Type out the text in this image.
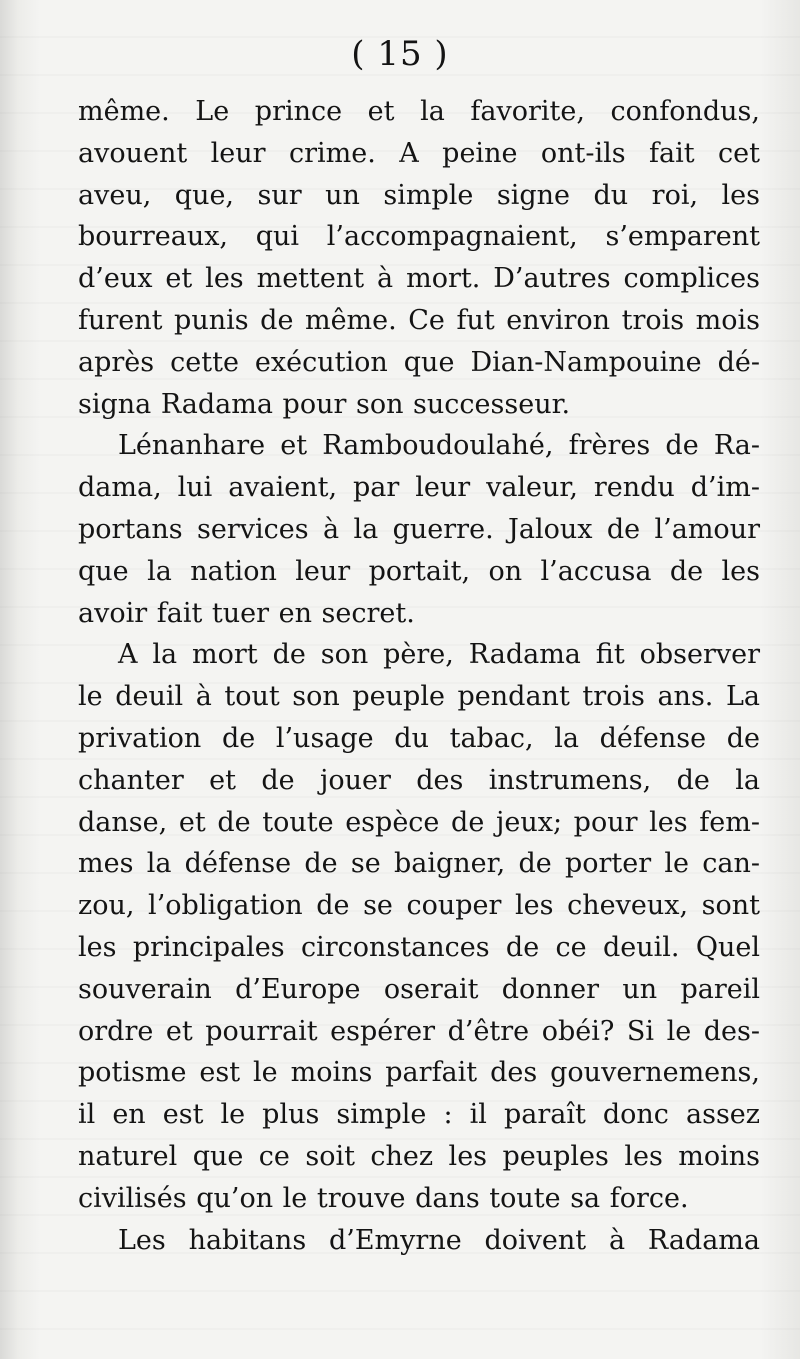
( 15 )

même. Le prince et la favorite, confondus,
avouent leur crime. A peine ont-ils fait cet
aveu, que, sur un simple signe du roi, les
bourreaux, qui l’accompagnaient, s’emparent
d’eux et les mettent à mort. D’autres complices
furent punis de même. Ce fut environ trois mois
après cette exécution que Dian-Nampouine dé-
signa Radama pour son successeur.

Lénanhare et Ramboudoulahé, frères de Ra-
dama, lui avaient, par leur valeur, rendu d’im-
portans services à la guerre. Jaloux de l’amour
que la nation leur portait, on l’accusa de les
avoir fait tuer en secret.

A la mort de son père, Radama fit observer
le deuil à tout son peuple pendant trois ans. La
privation de l’usage du tabac, la défense de
chanter et de jouer des instrumens, de la
danse, et de toute espèce de jeux; pour les fem-
mes la défense de se baigner, de porter le can-
zou, l’obligation de se couper les cheveux, sont
les principales circonstances de ce deuil. Quel
souverain d’Europe oserait donner un pareil
ordre et pourrait espérer d’être obéi? Si le des-
potisme est le moins parfait des gouvernemens,
il en est le plus simple : il paraît donc assez
naturel que ce soit chez les peuples les moins
civilisés qu’on le trouve dans toute sa force.

Les habitans d’Emyrne doivent à Radama
